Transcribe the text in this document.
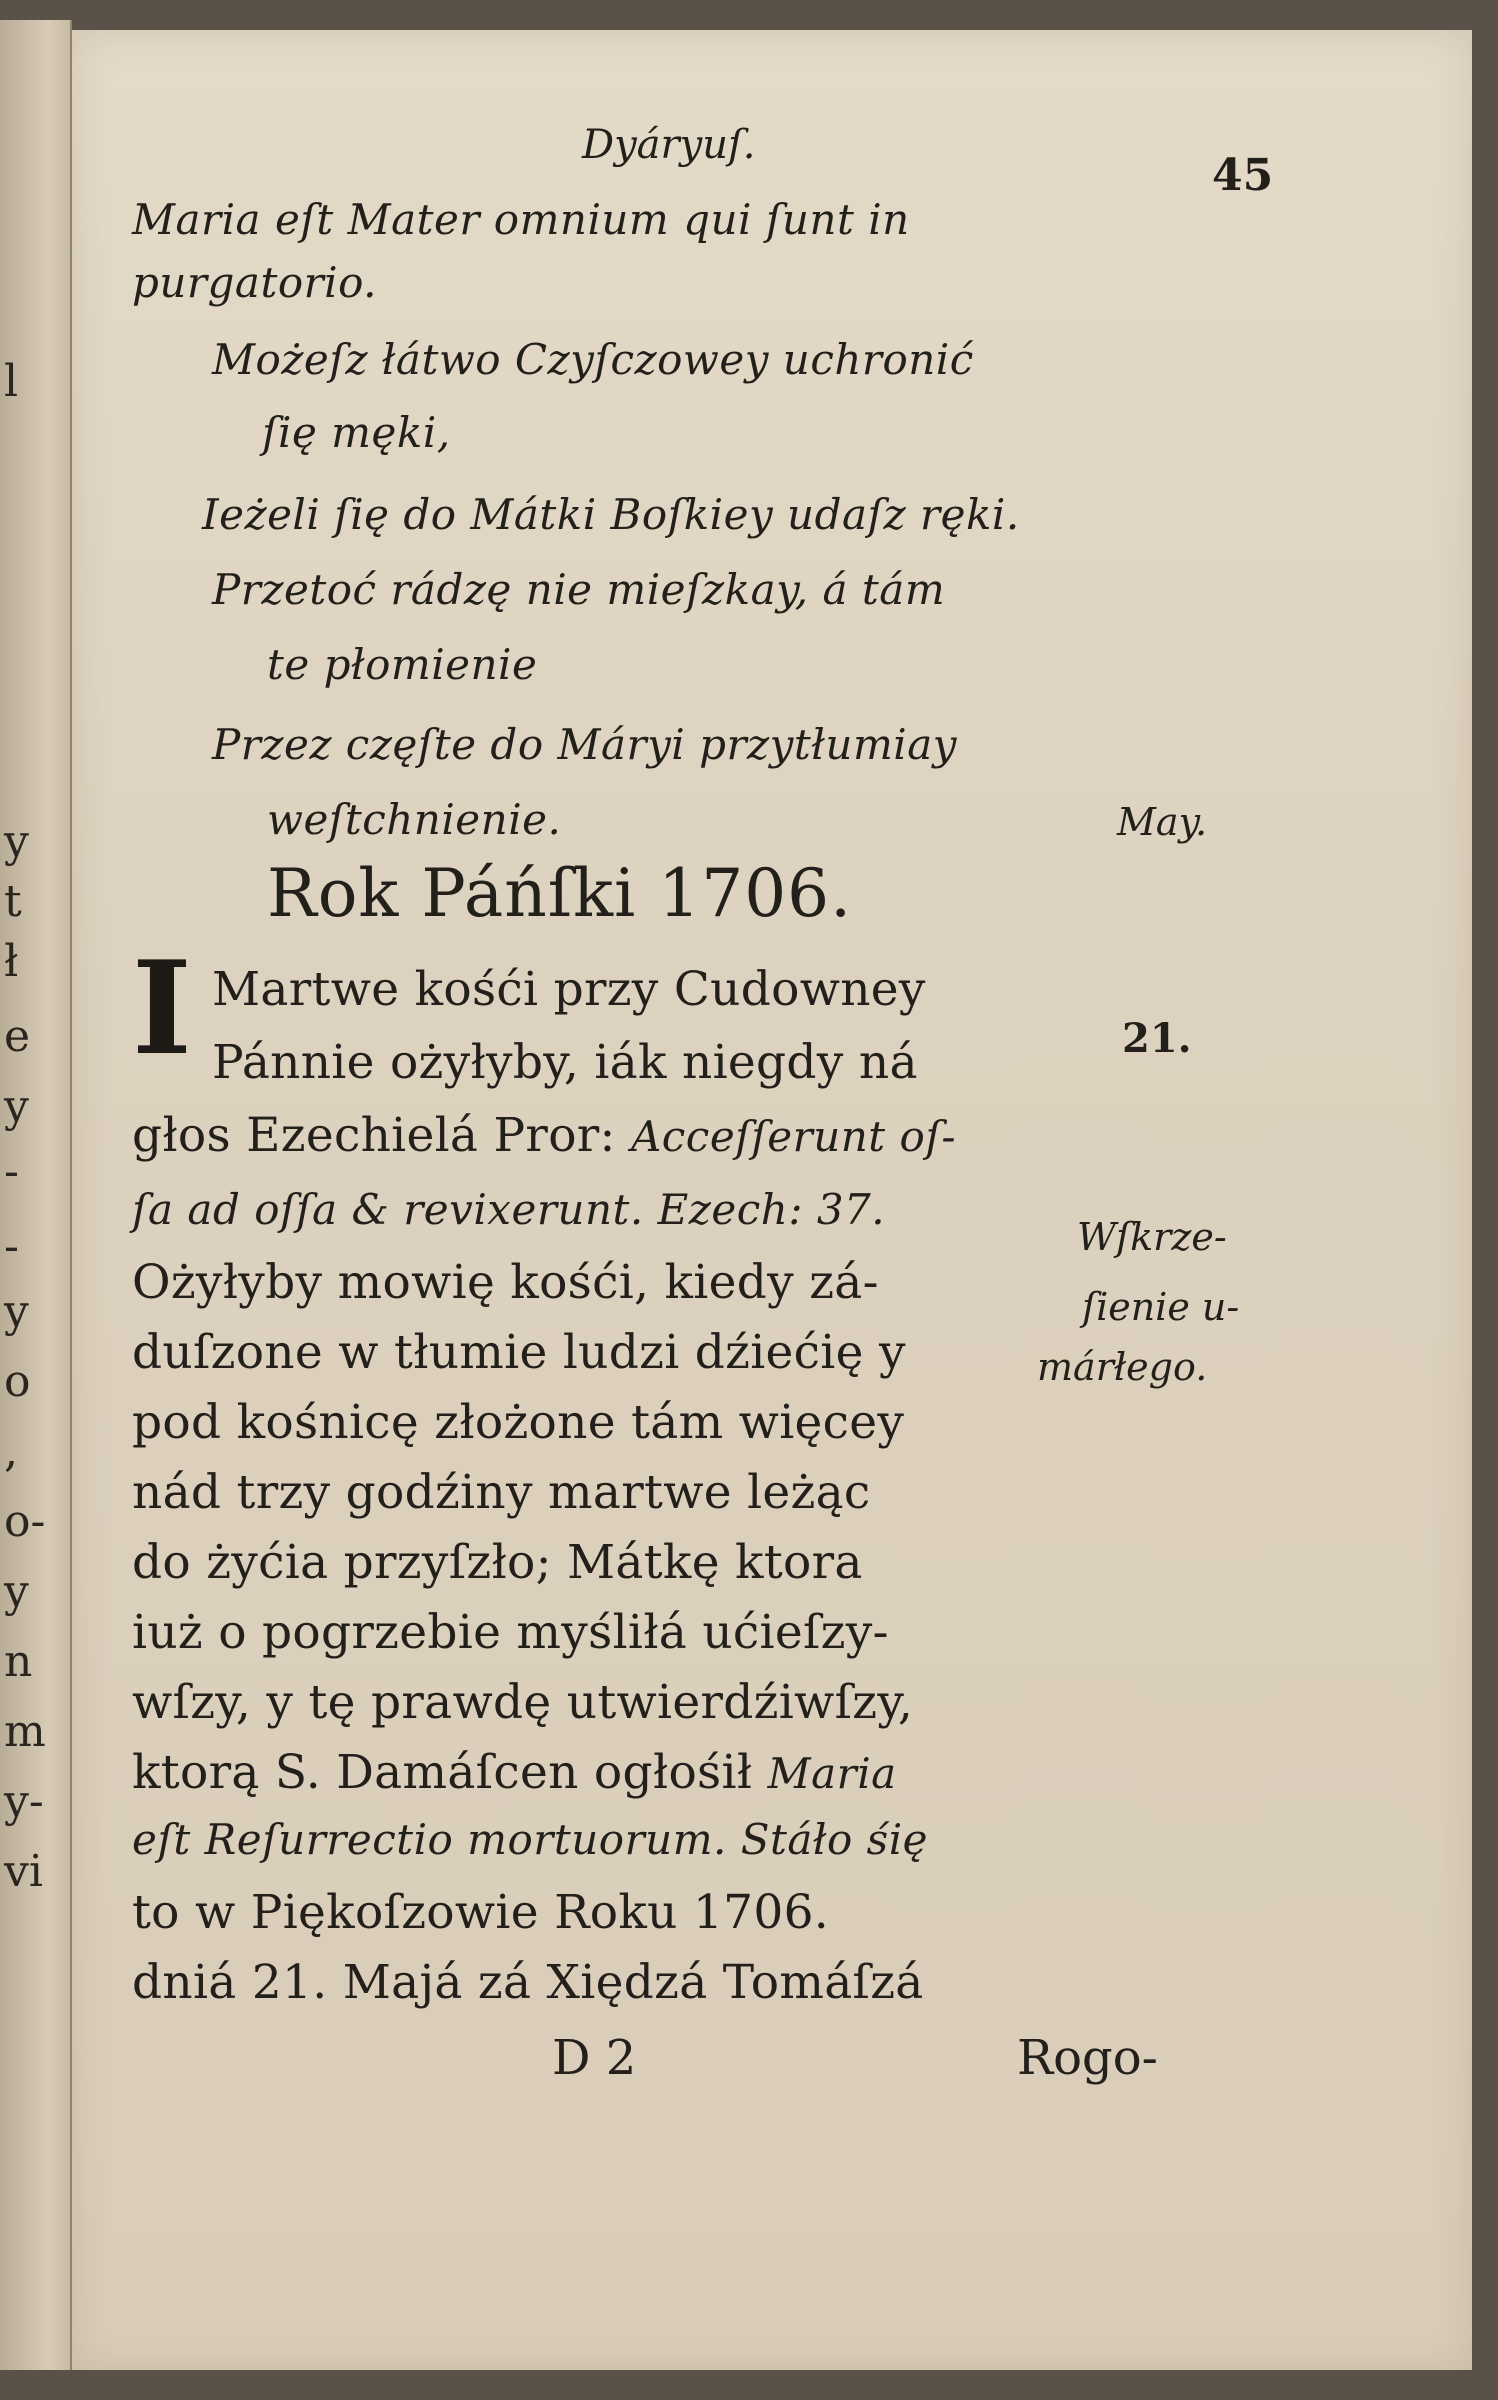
l
y
t
ł
e
y
-
-
y
o
,
o-
y
n
m
y-
vi
Dyáryuſ.
45
Maria eſt Mater omnium qui ſunt in
purgatorio.
Możeſz łátwo Czyſczowey uchronić
ſię męki,
Ieżeli ſię do Mátki Boſkiey udaſz ręki.
Przetoć rádzę nie mieſzkay, á tám
te płomienie
Przez częſte do Máryi przytłumiay
weſtchnienie.	May.
Rok Páńſki 1706.
I Martwe kośći przy Cudowney
21.
Pánnie ożyłyby, iák niegdy ná
głos Ezechielá Pror: Acceſſerunt oſ-
ſa ad oſſa & revixerunt. Ezech: 37.
Wſkrze-
Ożyłyby mowię kośći, kiedy zá-	ſienie u-
duſzone w tłumie ludzi dźiećię y	márłego.
pod kośnicę złożone tám więcey
nád trzy godźiny martwe leżąc
do żyćia przyſzło; Mátkę ktora
iuż o pogrzebie myśliłá ućieſzy-
wſzy, y tę prawdę utwierdźiwſzy,
ktorą S. Damáſcen ogłośił Maria
eſt Reſurrectio mortuorum. Stáło śię
to w Piękoſzowie Roku 1706.
dniá 21. Majá zá Xiędzá Tomáſzá
D 2	Rogo-
